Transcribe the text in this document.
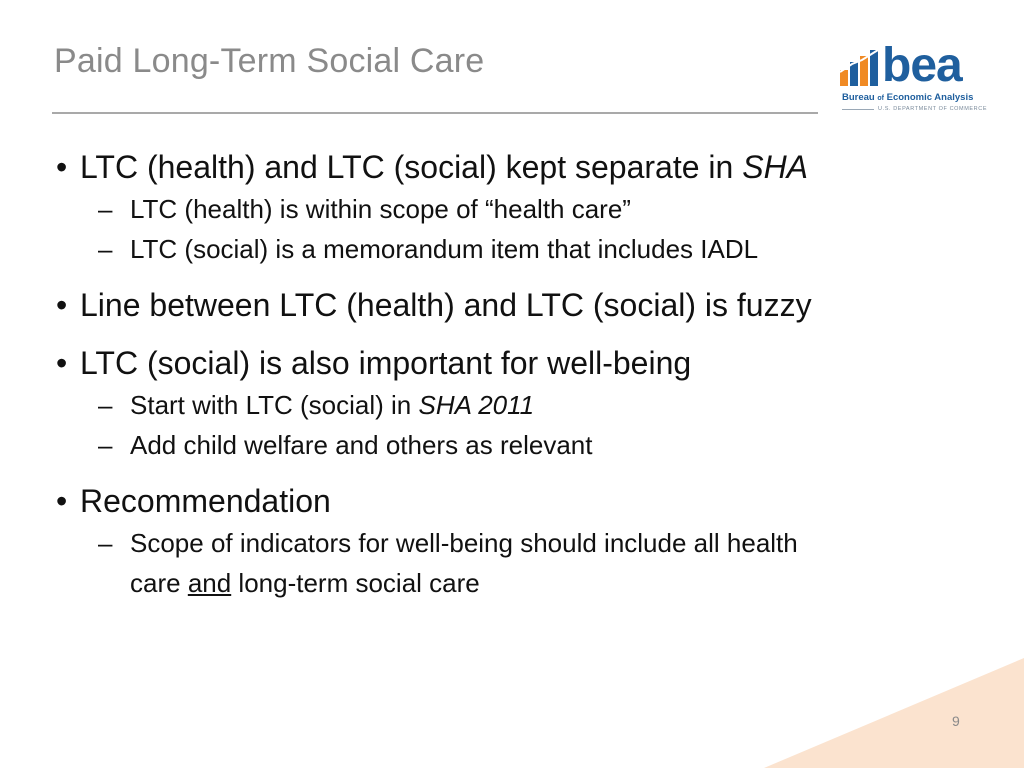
Paid Long-Term Social Care	bea
Bureau of Economic Analysis
U.S. DEPARTMENT OF COMMERCE
• LTC (health) and LTC (social) kept separate in SHA
– LTC (health) is within scope of “health care”
– LTC (social) is a memorandum item that includes IADL
• Line between LTC (health) and LTC (social) is fuzzy
• LTC (social) is also important for well-being
– Start with LTC (social) in SHA 2011
– Add child welfare and others as relevant
• Recommendation
– Scope of indicators for well-being should include all health
care and long-term social care
9
